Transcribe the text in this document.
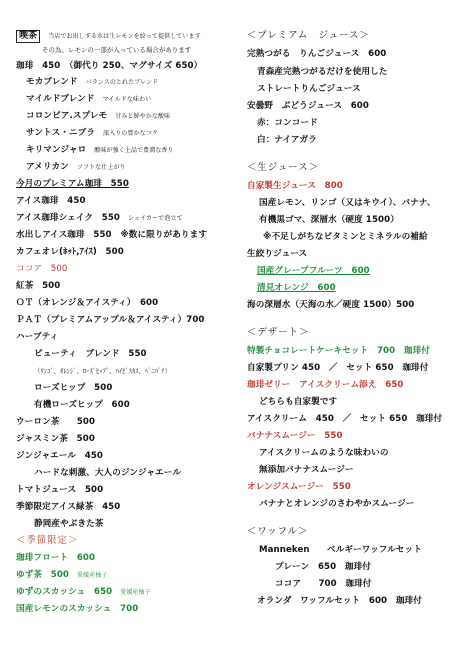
喫茶 当店でお出しする水は生レモンを絞って提供しています
その為、レモンの一部が入っている場合があります
珈琲　450　（御代り 250、マグサイズ 650）
モカブレンド バランスのとれたブレンド
マイルドブレンド マイルドな味わい
コロンビア.スプレモ 甘みと鮮やかな酸味
サントス・ニブラ 深入りの豊かなコク
キリマンジャロ 酸味が強く上品で豊潤な香り
アメリカン ソフトな仕上がり
今月のプレミアム珈琲　550
アイス珈琲　450
アイス珈琲シェイク　550 シェイカーで泡立て
水出しアイス珈琲　550　※数に限りがあります
カフェオレ(ﾎｯﾄ,ｱｲｽ)　500
ココア　500
紅茶　500
ＯＴ（オレンジ＆アイスティ）　600
ＰＡＴ（プレミアムアップル＆アイスティ）700
ハーブティ
ビューティ　ブレンド　550
（ﾘﾝｺﾞ、ｵﾚﾝｼﾞ、ﾛｰｽﾞﾋｯﾌﾟ、ﾊｲﾋﾞｽｶｽ、ﾍﾟﾆﾊﾟﾅ）
ローズヒップ　500
有機ローズヒップ　600
ウーロン茶　　500
ジャスミン茶　500
ジンジャエール　450
ハードな刺激、大人のジンジャエール
トマトジュース　500
季節限定アイス緑茶　450
静岡産やぶきた茶
＜季節限定＞
珈琲フロート　600
ゆず茶　500 愛媛産柚子
ゆずのスカッシュ　650 愛媛産柚子
国産レモンのスカッシュ　700
＜プレミアム　ジュース＞
完熟つがる　りんごジュース　600
青森産完熟つがるだけを使用した
ストレートりんごジュース
安曇野　ぶどうジュース　600
赤：コンコード
白：ナイアガラ
＜生ジュース＞
自家製生ジュース　800
国産レモン、リンゴ（又はキウイ）、バナナ、
有機黒ゴマ、深層水（硬度 1500）
※不足しがちなビタミンとミネラルの補給
生絞りジュース
国産グレープフルーツ　600
清見オレンジ　600
海の深層水（天海の水／硬度 1500）500
＜デザート＞
特製チョコレートケーキセット　700　珈琲付
自家製プリン 450　／　セット 650　珈琲付
珈琲ゼリー　アイスクリーム添え　650
どちらも自家製です
アイスクリーム　450　／　セット 650　珈琲付
バナナスムージー　550
アイスクリームのような味わいの
無添加バナナスムージー
オレンジスムージー　550
バナナとオレンジのさわやかスムージー
＜ワッフル＞
Manneken　　ベルギーワッフルセット
プレーン　650　珈琲付
ココア　　700　珈琲付
オランダ　ワッフルセット　600　珈琲付
